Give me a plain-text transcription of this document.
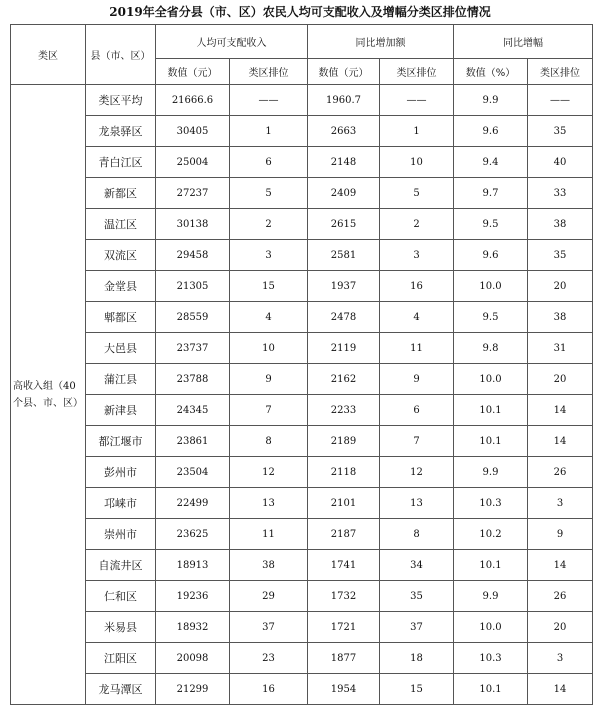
2019年全省分县（市、区）农民人均可支配收入及增幅分类区排位情况
类区	县（市、区）	人均可支配收入		同比增加额		同比增幅	
		数值（元）	类区排位	数值（元）	类区排位	数值（%）	类区排位
高收入组（40个县、市、区）	类区平均	21666.6	——	1960.7	——	9.9	——
	龙泉驿区	30405	1	2663	1	9.6	35
	青白江区	25004	6	2148	10	9.4	40
	新都区	27237	5	2409	5	9.7	33
	温江区	30138	2	2615	2	9.5	38
	双流区	29458	3	2581	3	9.6	35
	金堂县	21305	15	1937	16	10.0	20
	郫都区	28559	4	2478	4	9.5	38
	大邑县	23737	10	2119	11	9.8	31
	蒲江县	23788	9	2162	9	10.0	20
	新津县	24345	7	2233	6	10.1	14
	都江堰市	23861	8	2189	7	10.1	14
	彭州市	23504	12	2118	12	9.9	26
	邛崃市	22499	13	2101	13	10.3	3
	崇州市	23625	11	2187	8	10.2	9
	自流井区	18913	38	1741	34	10.1	14
	仁和区	19236	29	1732	35	9.9	26
	米易县	18932	37	1721	37	10.0	20
	江阳区	20098	23	1877	18	10.3	3
	龙马潭区	21299	16	1954	15	10.1	14
